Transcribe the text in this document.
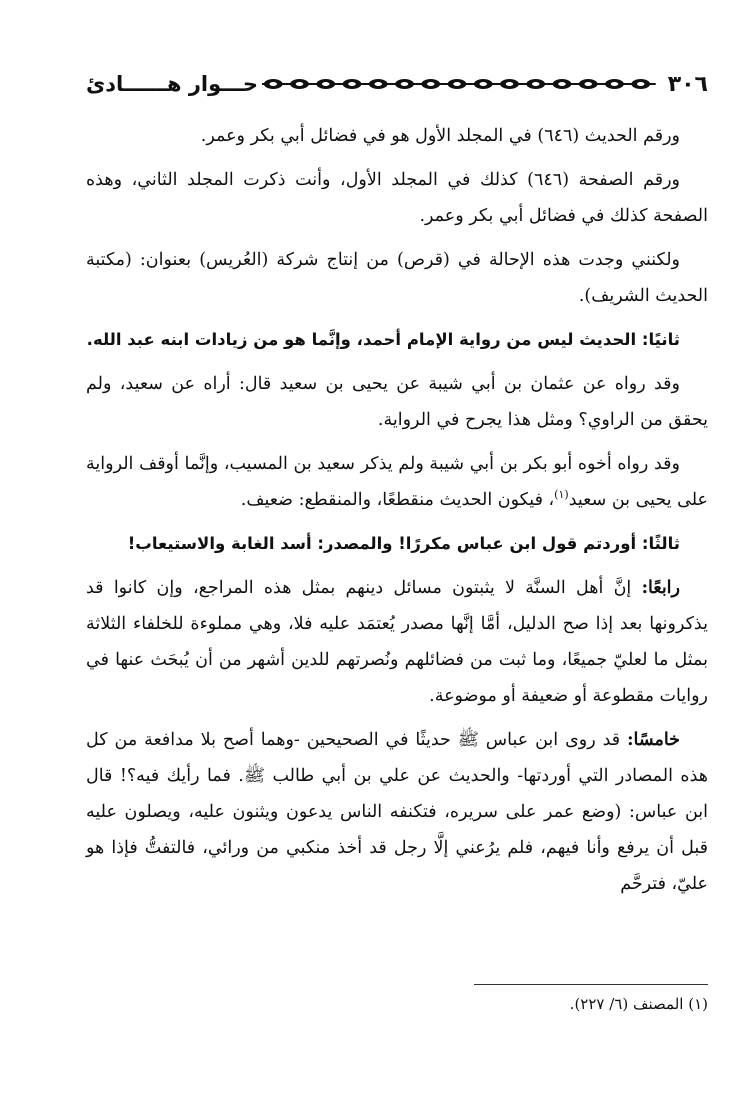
٣٠٦
حـــوار هــــــادئ

ورقم الحديث (٦٤٦) في المجلد الأول هو في فضائل أبي بكر وعمر.

ورقم الصفحة (٦٤٦) كذلك في المجلد الأول، وأنت ذكرت المجلد الثاني، وهذه الصفحة كذلك في فضائل أبي بكر وعمر.

ولكنني وجدت هذه الإحالة في (قرص) من إنتاج شركة (العُريس) بعنوان: (مكتبة الحديث الشريف).

ثانيًا: الحديث ليس من رواية الإمام أحمد، وإنَّما هو من زيادات ابنه عبد الله.

وقد رواه عن عثمان بن أبي شيبة عن يحيى بن سعيد قال: أراه عن سعيد، ولم يحقق من الراوي؟ ومثل هذا يجرح في الرواية.

وقد رواه أخوه أبو بكر بن أبي شيبة ولم يذكر سعيد بن المسيب، وإنَّما أوقف الرواية على يحيى بن سعيد$^{(١)}$، فيكون الحديث منقطعًا، والمنقطع: ضعيف.

ثالثًا: أوردتم قول ابن عباس مكررًا! والمصدر: أسد الغابة والاستيعاب!

رابعًا: إنَّ أهل السنَّة لا يثبتون مسائل دينهم بمثل هذه المراجع، وإن كانوا قد يذكرونها بعد إذا صح الدليل، أمَّا إنَّها مصدر يُعتمَد عليه فلا، وهي مملوءة للخلفاء الثلاثة بمثل ما لعليّ جميعًا، وما ثبت من فضائلهم ونُصرتهم للدين أشهر من أن يُبحَث عنها في روايات مقطوعة أو ضعيفة أو موضوعة.

خامسًا: قد روى ابن عباس ﷺ حديثًا في الصحيحين -وهما أصح بلا مدافعة من كل هذه المصادر التي أوردتها- والحديث عن علي بن أبي طالب ﷺ. فما رأيك فيه؟! قال ابن عباس: (وضع عمر على سريره، فتكنفه الناس يدعون ويثنون عليه، ويصلون عليه قبل أن يرفع وأنا فيهم، فلم يرُعني إلَّا رجل قد أخذ منكبي من ورائي، فالتفتُّ فإذا هو عليّ، فترحَّم

(١) المصنف (٦/ ٢٢٧).
